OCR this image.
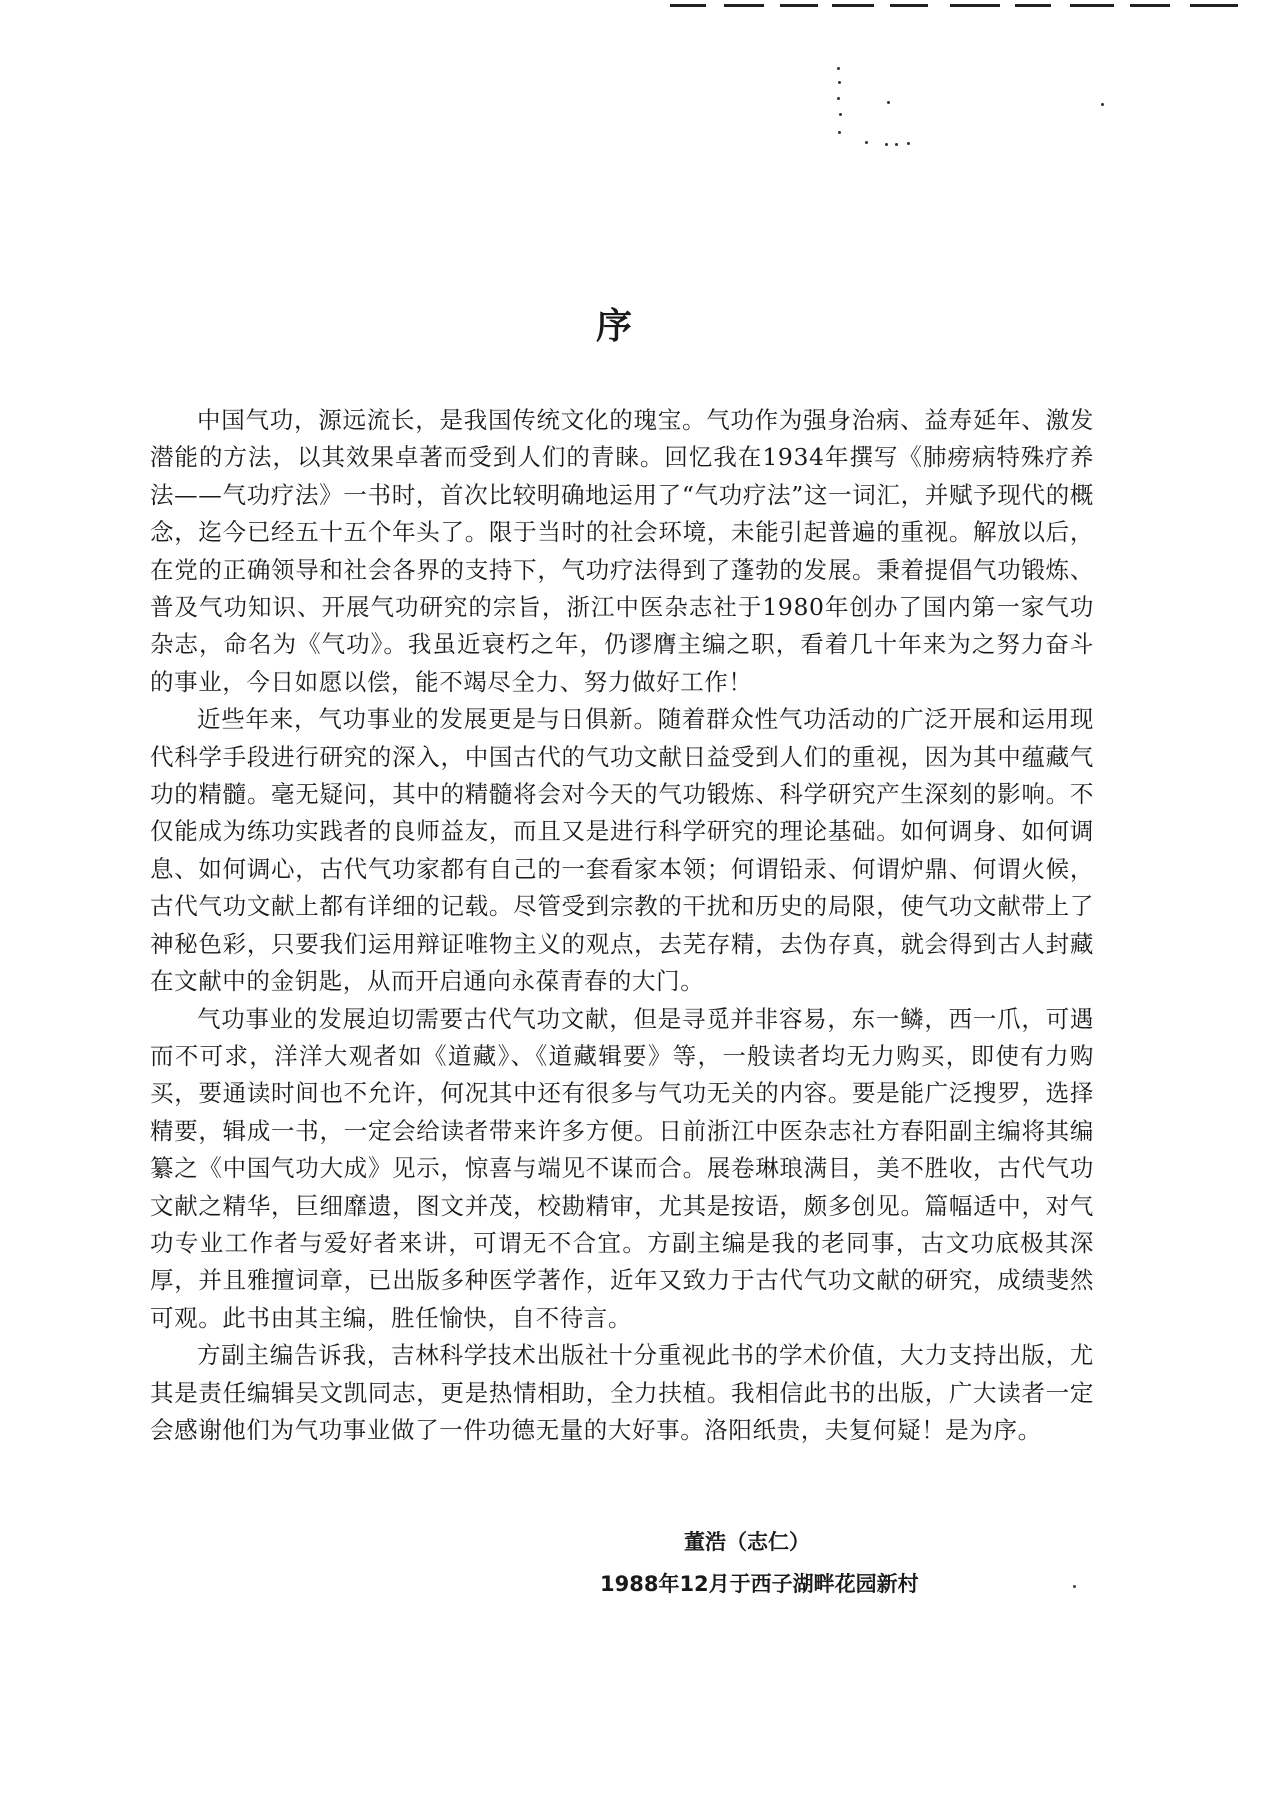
序

中国气功，源远流长，是我国传统文化的瑰宝。气功作为强身治病、益寿延年、激发潜能的方法，以其效果卓著而受到人们的青睐。回忆我在1934年撰写《肺痨病特殊疗养法——气功疗法》一书时，首次比较明确地运用了“气功疗法”这一词汇，并赋予现代的概念，迄今已经五十五个年头了。限于当时的社会环境，未能引起普遍的重视。解放以后，在党的正确领导和社会各界的支持下，气功疗法得到了蓬勃的发展。秉着提倡气功锻炼、普及气功知识、开展气功研究的宗旨，浙江中医杂志社于1980年创办了国内第一家气功杂志，命名为《气功》。我虽近衰朽之年，仍谬膺主编之职，看着几十年来为之努力奋斗的事业，今日如愿以偿，能不竭尽全力、努力做好工作！

近些年来，气功事业的发展更是与日俱新。随着群众性气功活动的广泛开展和运用现代科学手段进行研究的深入，中国古代的气功文献日益受到人们的重视，因为其中蕴藏气功的精髓。毫无疑问，其中的精髓将会对今天的气功锻炼、科学研究产生深刻的影响。不仅能成为练功实践者的良师益友，而且又是进行科学研究的理论基础。如何调身、如何调息、如何调心，古代气功家都有自己的一套看家本领；何谓铅汞、何谓炉鼎、何谓火候，古代气功文献上都有详细的记载。尽管受到宗教的干扰和历史的局限，使气功文献带上了神秘色彩，只要我们运用辩证唯物主义的观点，去芜存精，去伪存真，就会得到古人封藏在文献中的金钥匙，从而开启通向永葆青春的大门。

气功事业的发展迫切需要古代气功文献，但是寻觅并非容易，东一鳞，西一爪，可遇而不可求，洋洋大观者如《道藏》、《道藏辑要》等，一般读者均无力购买，即使有力购买，要通读时间也不允许，何况其中还有很多与气功无关的内容。要是能广泛搜罗，选择精要，辑成一书，一定会给读者带来许多方便。日前浙江中医杂志社方春阳副主编将其编纂之《中国气功大成》见示，惊喜与端见不谋而合。展卷琳琅满目，美不胜收，古代气功文献之精华，巨细靡遗，图文并茂，校勘精审，尤其是按语，颇多创见。篇幅适中，对气功专业工作者与爱好者来讲，可谓无不合宜。方副主编是我的老同事，古文功底极其深厚，并且雅擅词章，已出版多种医学著作，近年又致力于古代气功文献的研究，成绩斐然可观。此书由其主编，胜任愉快，自不待言。

方副主编告诉我，吉林科学技术出版社十分重视此书的学术价值，大力支持出版，尤其是责任编辑吴文凯同志，更是热情相助，全力扶植。我相信此书的出版，广大读者一定会感谢他们为气功事业做了一件功德无量的大好事。洛阳纸贵，夫复何疑！是为序。

董浩（志仁）
1988年12月于西子湖畔花园新村
